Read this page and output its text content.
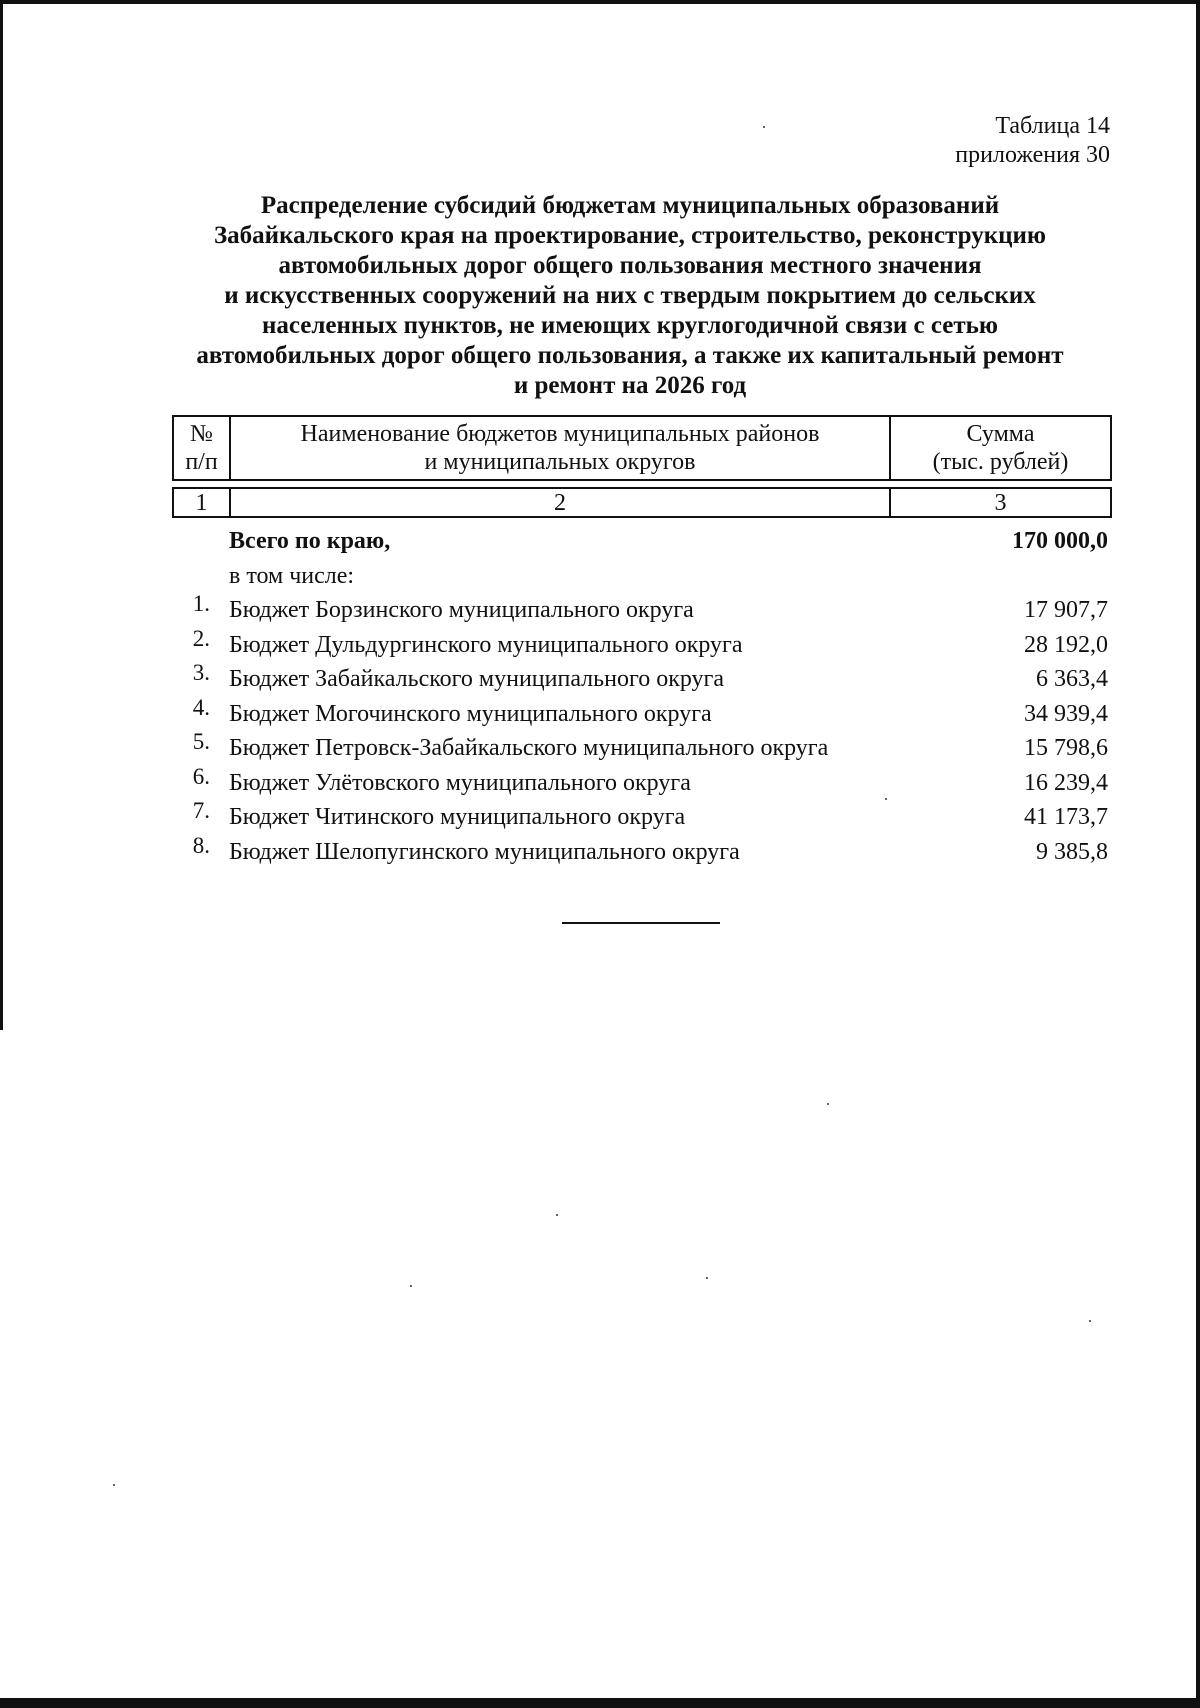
Таблица 14
приложения 30
Распределение субсидий бюджетам муниципальных образований
Забайкальского края на проектирование, строительство, реконструкцию
автомобильных дорог общего пользования местного значения
и искусственных сооружений на них с твердым покрытием до сельских
населенных пунктов, не имеющих круглогодичной связи с сетью
автомобильных дорог общего пользования, а также их капитальный ремонт
и ремонт на 2026 год
№
п/п

Наименование бюджетов муниципальных районов
и муниципальных округов

Сумма
(тыс. рублей)
1	2	3
Всего по краю,	170 000,0
в том числе:
1. Бюджет Борзинского муниципального округа	17 907,7
2. Бюджет Дульдургинского муниципального округа	28 192,0
3. Бюджет Забайкальского муниципального округа	6 363,4
4. Бюджет Могочинского муниципального округа	34 939,4
5. Бюджет Петровск-Забайкальского муниципального округа	15 798,6
6. Бюджет Улётовского муниципального округа	16 239,4
7. Бюджет Читинского муниципального округа	41 173,7
8. Бюджет Шелопугинского муниципального округа	9 385,8
